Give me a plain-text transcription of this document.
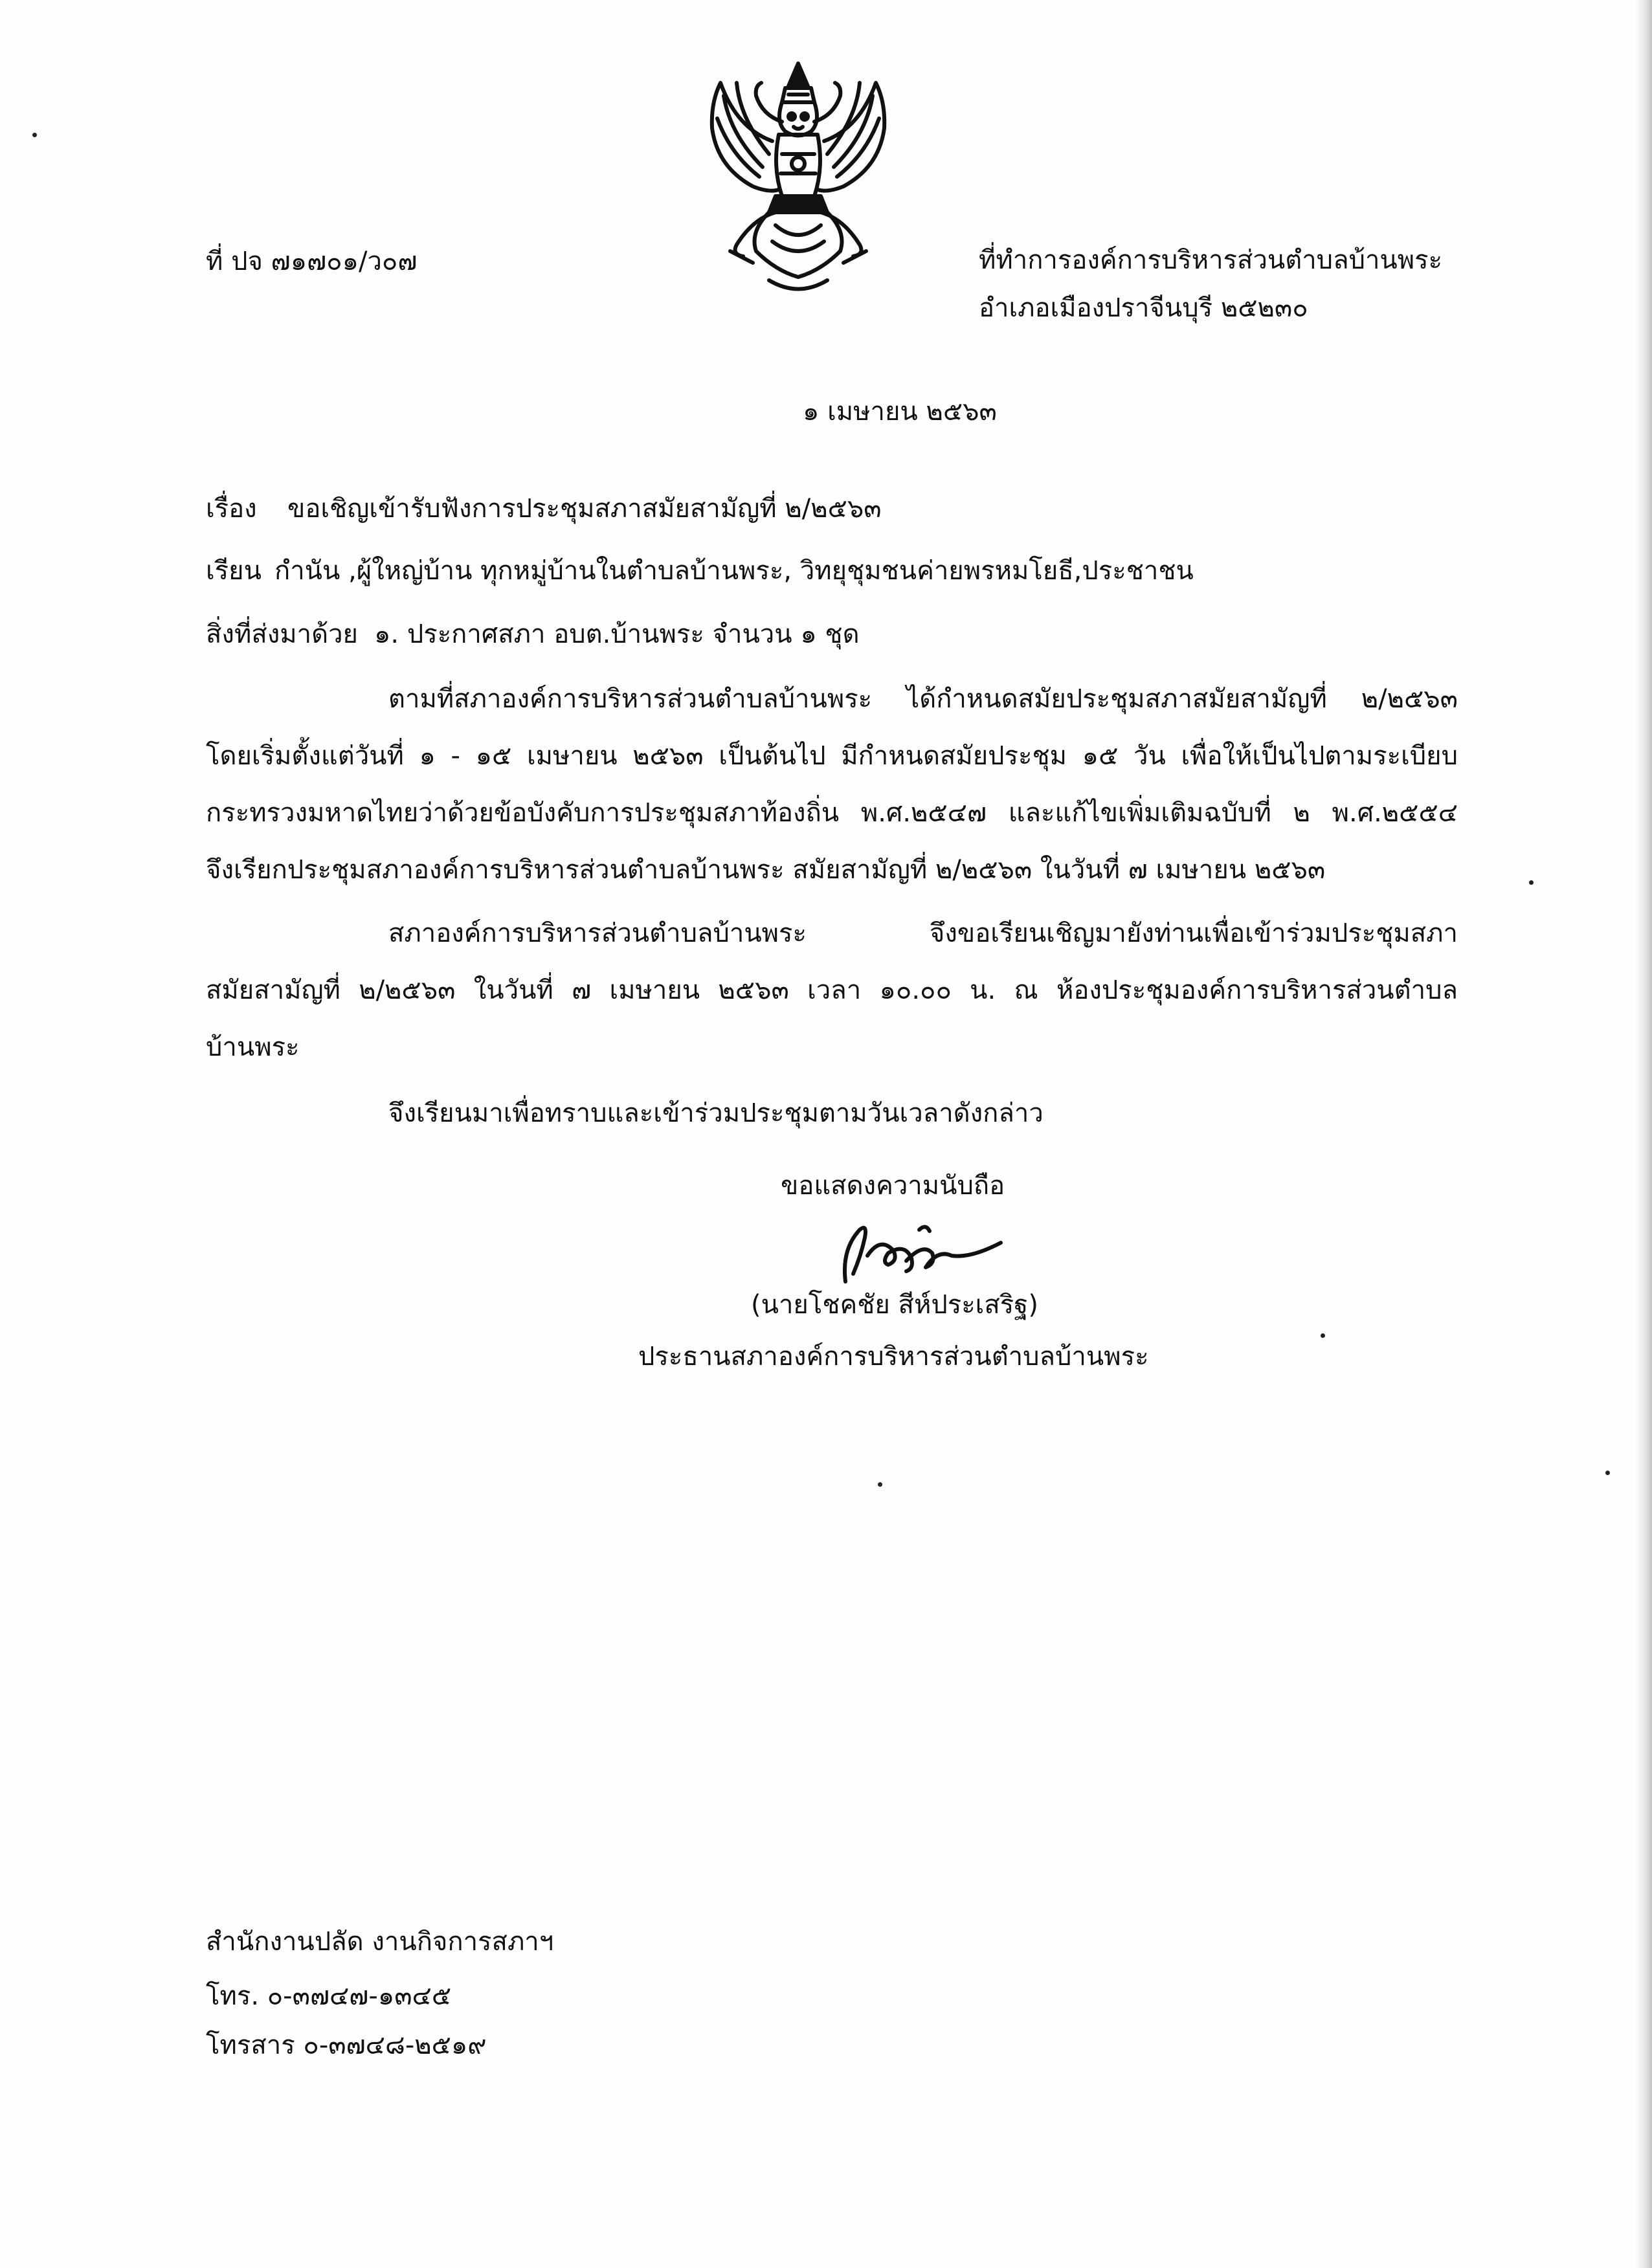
ที่ ปจ ๗๑๗๐๑/ว๐๗	ที่ทำการองค์การบริหารส่วนตำบลบ้านพระ
อำเภอเมืองปราจีนบุรี ๒๕๒๓๐
๑ เมษายน ๒๕๖๓
เรื่อง ขอเชิญเข้ารับฟังการประชุมสภาสมัยสามัญที่ ๒/๒๕๖๓
เรียน กำนัน ,ผู้ใหญ่บ้าน ทุกหมู่บ้านในตำบลบ้านพระ, วิทยุชุมชนค่ายพรหมโยธี,ประชาชน
สิ่งที่ส่งมาด้วย ๑. ประกาศสภา อบต.บ้านพระ จำนวน ๑ ชุด
ตามที่สภาองค์การบริหารส่วนตำบลบ้านพระ ได้กำหนดสมัยประชุมสภาสมัยสามัญที่ ๒/๒๕๖๓
โดยเริ่มตั้งแต่วันที่ ๑ - ๑๕ เมษายน ๒๕๖๓ เป็นต้นไป มีกำหนดสมัยประชุม ๑๕ วัน เพื่อให้เป็นไปตามระเบียบ
กระทรวงมหาดไทยว่าด้วยข้อบังคับการประชุมสภาท้องถิ่น พ.ศ.๒๕๔๗ และแก้ไขเพิ่มเติมฉบับที่ ๒ พ.ศ.๒๕๕๔
จึงเรียกประชุมสภาองค์การบริหารส่วนตำบลบ้านพระ สมัยสามัญที่ ๒/๒๕๖๓ ในวันที่ ๗ เมษายน ๒๕๖๓
สภาองค์การบริหารส่วนตำบลบ้านพระ จึงขอเรียนเชิญมายังท่านเพื่อเข้าร่วมประชุมสภา
สมัยสามัญที่ ๒/๒๕๖๓ ในวันที่ ๗ เมษายน ๒๕๖๓ เวลา ๑๐.๐๐ น. ณ ห้องประชุมองค์การบริหารส่วนตำบล
บ้านพระ
จึงเรียนมาเพื่อทราบและเข้าร่วมประชุมตามวันเวลาดังกล่าว
ขอแสดงความนับถือ
(นายโชคชัย สีห์ประเสริฐ)
ประธานสภาองค์การบริหารส่วนตำบลบ้านพระ
สำนักงานปลัด งานกิจการสภาฯ
โทร. ๐-๓๗๔๗-๑๓๔๕
โทรสาร ๐-๓๗๔๘-๒๕๑๙
